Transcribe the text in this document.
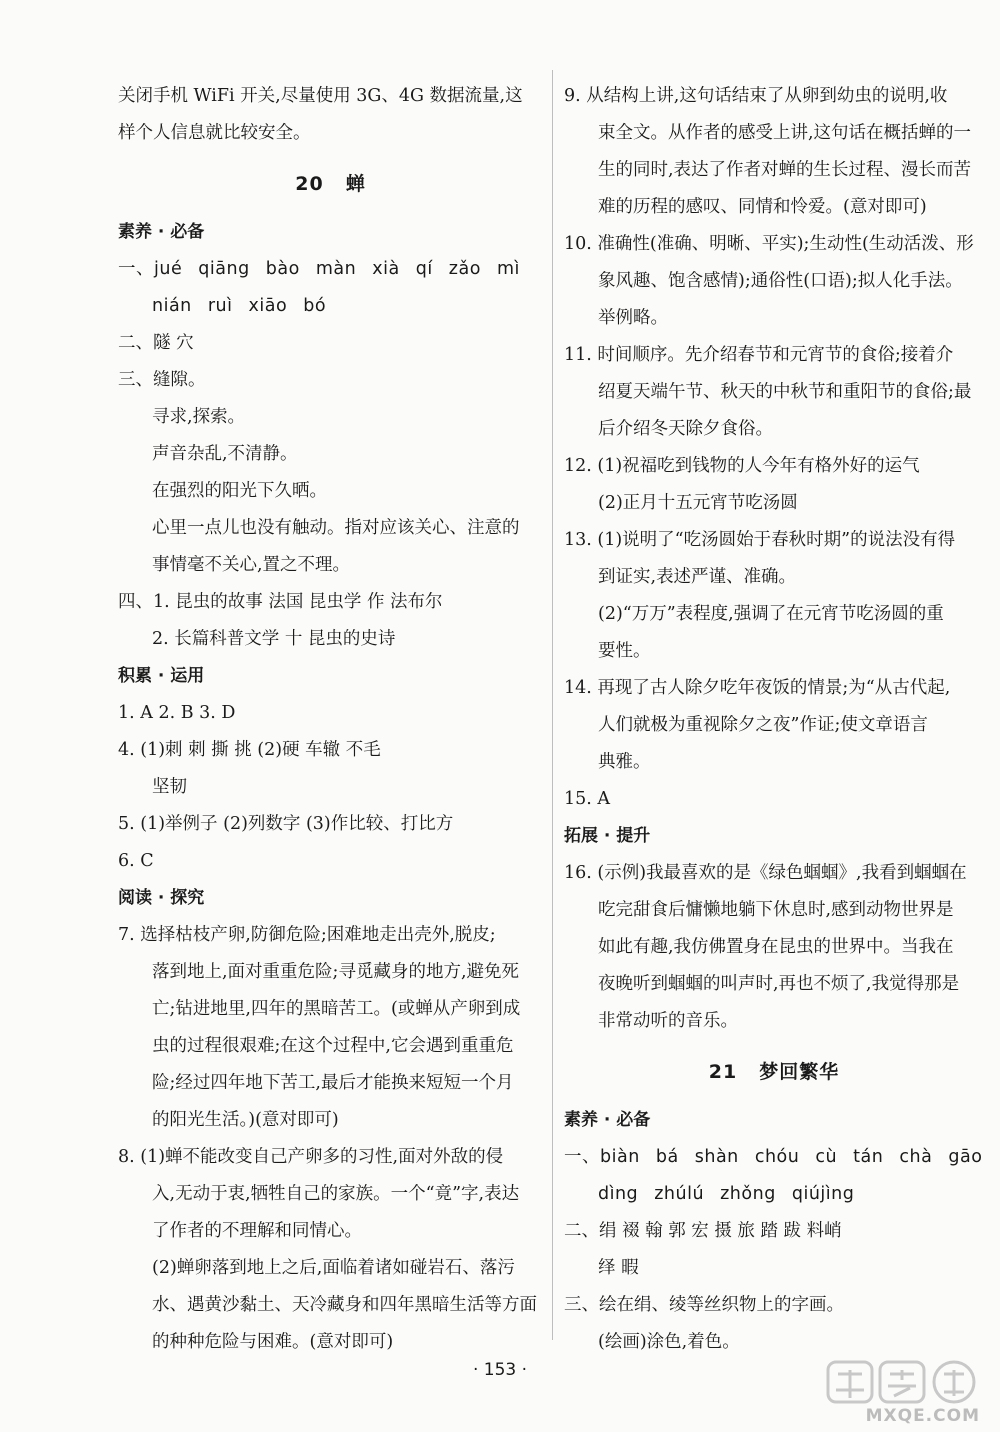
关闭手机 WiFi 开关,尽量使用 3G、4G 数据流量,这
样个人信息就比较安全。
20 蝉
素养 · 必备
一、jué qiāng bào màn xià qí zǎo mì
nián ruì xiāo bó
二、隧 穴
三、缝隙。
寻求,探索。
声音杂乱,不清静。
在强烈的阳光下久晒。
心里一点儿也没有触动。指对应该关心、注意的
事情毫不关心,置之不理。
四、1. 昆虫的故事 法国 昆虫学 作 法布尔
2. 长篇科普文学 十 昆虫的史诗
积累 · 运用
1. A 2. B 3. D
4. (1)刺 刺 撕 挑 (2)硬 车辙 不毛
坚韧
5. (1)举例子 (2)列数字 (3)作比较、打比方
6. C
阅读 · 探究
7. 选择枯枝产卵,防御危险;困难地走出壳外,脱皮;
落到地上,面对重重危险;寻觅藏身的地方,避免死
亡;钻进地里,四年的黑暗苦工。(或蝉从产卵到成
虫的过程很艰难;在这个过程中,它会遇到重重危
险;经过四年地下苦工,最后才能换来短短一个月
的阳光生活。)(意对即可)
8. (1)蝉不能改变自己产卵多的习性,面对外敌的侵
入,无动于衷,牺牲自己的家族。一个“竟”字,表达
了作者的不理解和同情心。
(2)蝉卵落到地上之后,面临着诸如碰岩石、落污
水、遇黄沙黏土、天冷藏身和四年黑暗生活等方面
的种种危险与困难。(意对即可)
9. 从结构上讲,这句话结束了从卵到幼虫的说明,收
束全文。从作者的感受上讲,这句话在概括蝉的一
生的同时,表达了作者对蝉的生长过程、漫长而苦
难的历程的感叹、同情和怜爱。(意对即可)
10. 准确性(准确、明晰、平实);生动性(生动活泼、形
象风趣、饱含感情);通俗性(口语);拟人化手法。
举例略。
11. 时间顺序。先介绍春节和元宵节的食俗;接着介
绍夏天端午节、秋天的中秋节和重阳节的食俗;最
后介绍冬天除夕食俗。
12. (1)祝福吃到钱物的人今年有格外好的运气
(2)正月十五元宵节吃汤圆
13. (1)说明了“吃汤圆始于春秋时期”的说法没有得
到证实,表述严谨、准确。
(2)“万万”表程度,强调了在元宵节吃汤圆的重
要性。
14. 再现了古人除夕吃年夜饭的情景;为“从古代起,
人们就极为重视除夕之夜”作证;使文章语言
典雅。
15. A
拓展 · 提升
16. (示例)我最喜欢的是《绿色蝈蝈》,我看到蝈蝈在
吃完甜食后慵懒地躺下休息时,感到动物世界是
如此有趣,我仿佛置身在昆虫的世界中。当我在
夜晚听到蝈蝈的叫声时,再也不烦了,我觉得那是
非常动听的音乐。
21 梦回繁华
素养 · 必备
一、biàn bá shàn chóu cù tán chà gāo
dìng zhúlú zhǒng qiújìng
二、绢 裰 翰 郭 宏 摄 旅 踏 跋 料峭
绎 暇
三、绘在绢、绫等丝织物上的字画。
(绘画)涂色,着色。
· 153 ·
MXQE.COM
